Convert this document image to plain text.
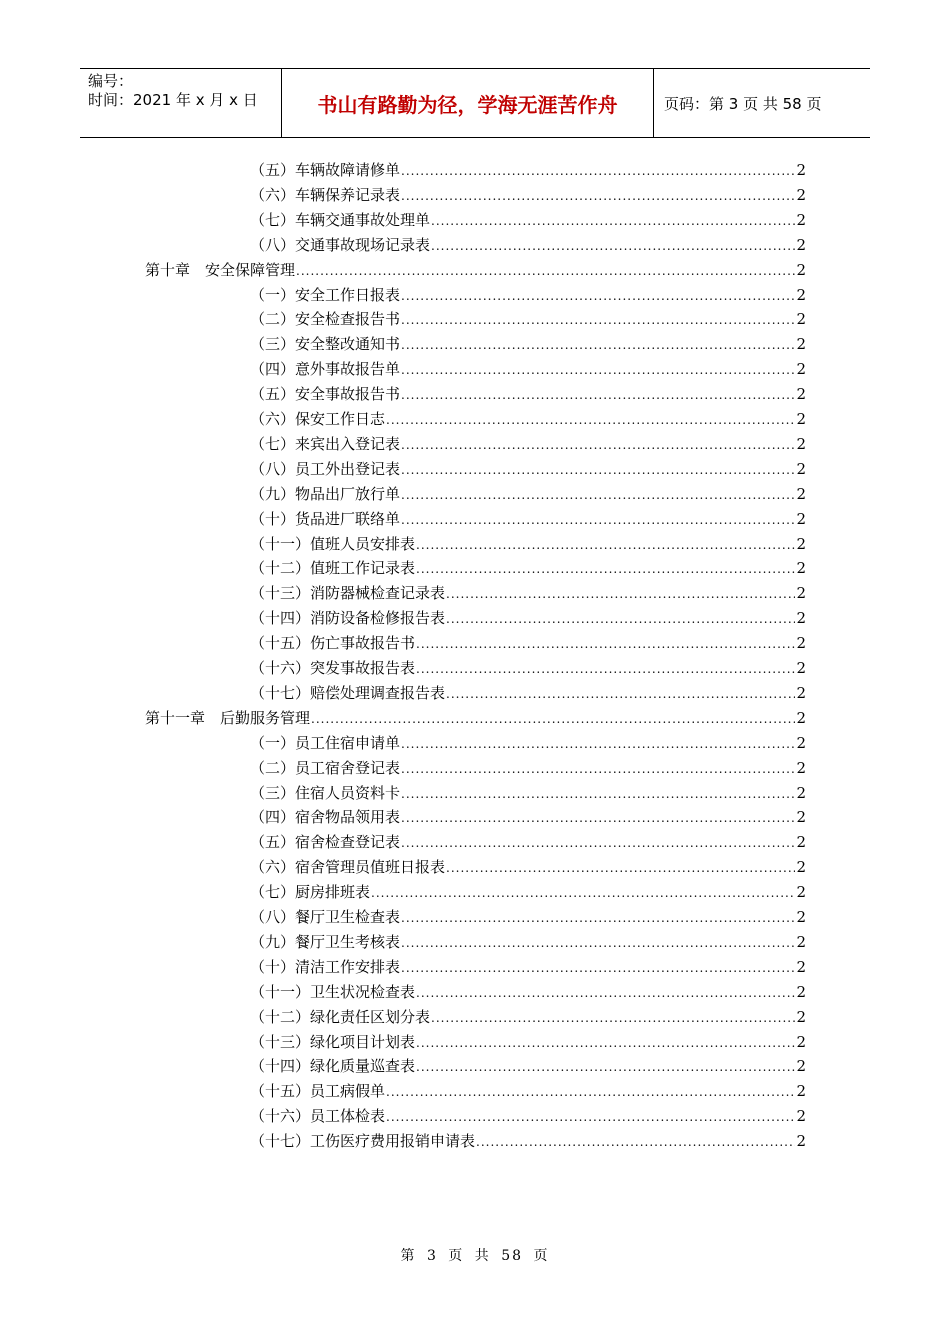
编号：
时间：2021 年 x 月 x 日	书山有路勤为径，学海无涯苦作舟	页码：第 3 页 共 58 页
（五）车辆故障请修单 .....	2
（六）车辆保养记录表 .....	2
（七）车辆交通事故处理单 .....	2
（八）交通事故现场记录表 .....	2
第十章　安全保障管理 .....	2
（一）安全工作日报表 .....	2
（二）安全检查报告书 .....	2
（三）安全整改通知书 .....	2
（四）意外事故报告单 .....	2
（五）安全事故报告书 .....	2
（六）保安工作日志 .....	2
（七）来宾出入登记表 .....	2
（八）员工外出登记表 .....	2
（九）物品出厂放行单 .....	2
（十）货品进厂联络单 .....	2
（十一）值班人员安排表 .....	2
（十二）值班工作记录表 .....	2
（十三）消防器械检查记录表 .....	2
（十四）消防设备检修报告表 .....	2
（十五）伤亡事故报告书 .....	2
（十六）突发事故报告表 .....	2
（十七）赔偿处理调查报告表 .....	2
第十一章　后勤服务管理 .....	2
（一）员工住宿申请单 .....	2
（二）员工宿舍登记表 .....	2
（三）住宿人员资料卡 .....	2
（四）宿舍物品领用表 .....	2
（五）宿舍检查登记表 .....	2
（六）宿舍管理员值班日报表 .....	2
（七）厨房排班表 .....	2
（八）餐厅卫生检查表 .....	2
（九）餐厅卫生考核表 .....	2
（十）清洁工作安排表 .....	2
（十一）卫生状况检查表 .....	2
（十二）绿化责任区划分表 .....	2
（十三）绿化项目计划表 .....	2
（十四）绿化质量巡查表 .....	2
（十五）员工病假单 .....	2
（十六）员工体检表 .....	2
（十七）工伤医疗费用报销申请表 .....	2
第 3 页 共 58 页
